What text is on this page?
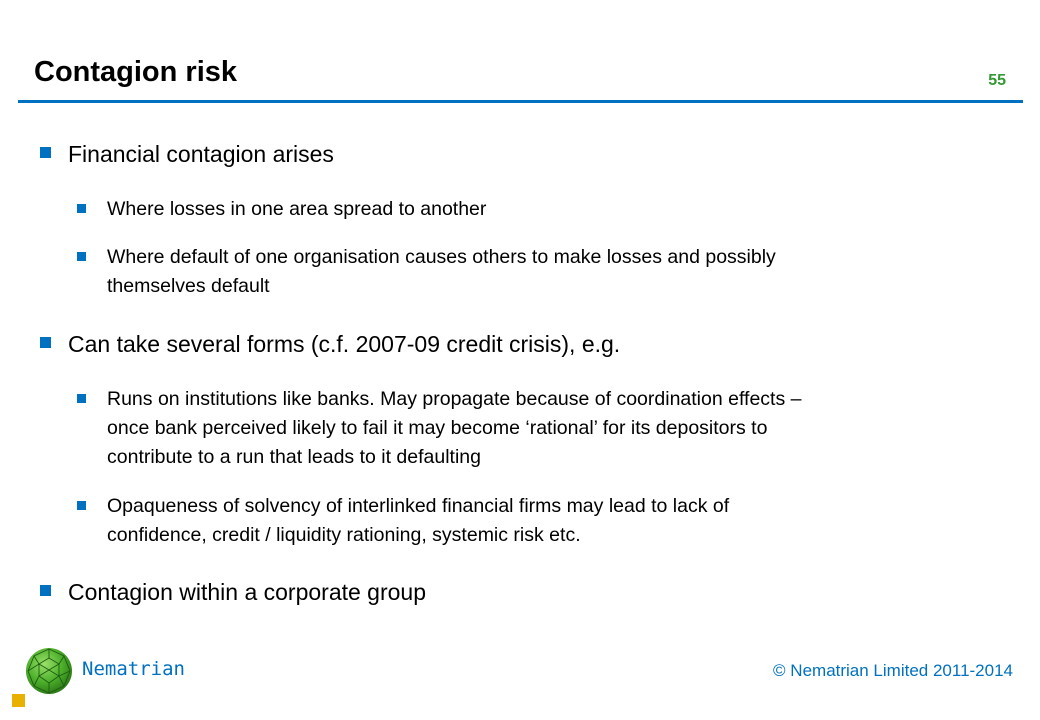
Contagion risk	55
Financial contagion arises
Where losses in one area spread to another
Where default of one organisation causes others to make losses and possibly
themselves default
Can take several forms (c.f. 2007-09 credit crisis), e.g.
Runs on institutions like banks. May propagate because of coordination effects –
once bank perceived likely to fail it may become ‘rational’ for its depositors to
contribute to a run that leads to it defaulting
Opaqueness of solvency of interlinked financial firms may lead to lack of
confidence, credit / liquidity rationing, systemic risk etc.
Contagion within a corporate group
Nematrian	© Nematrian Limited 2011-2014
